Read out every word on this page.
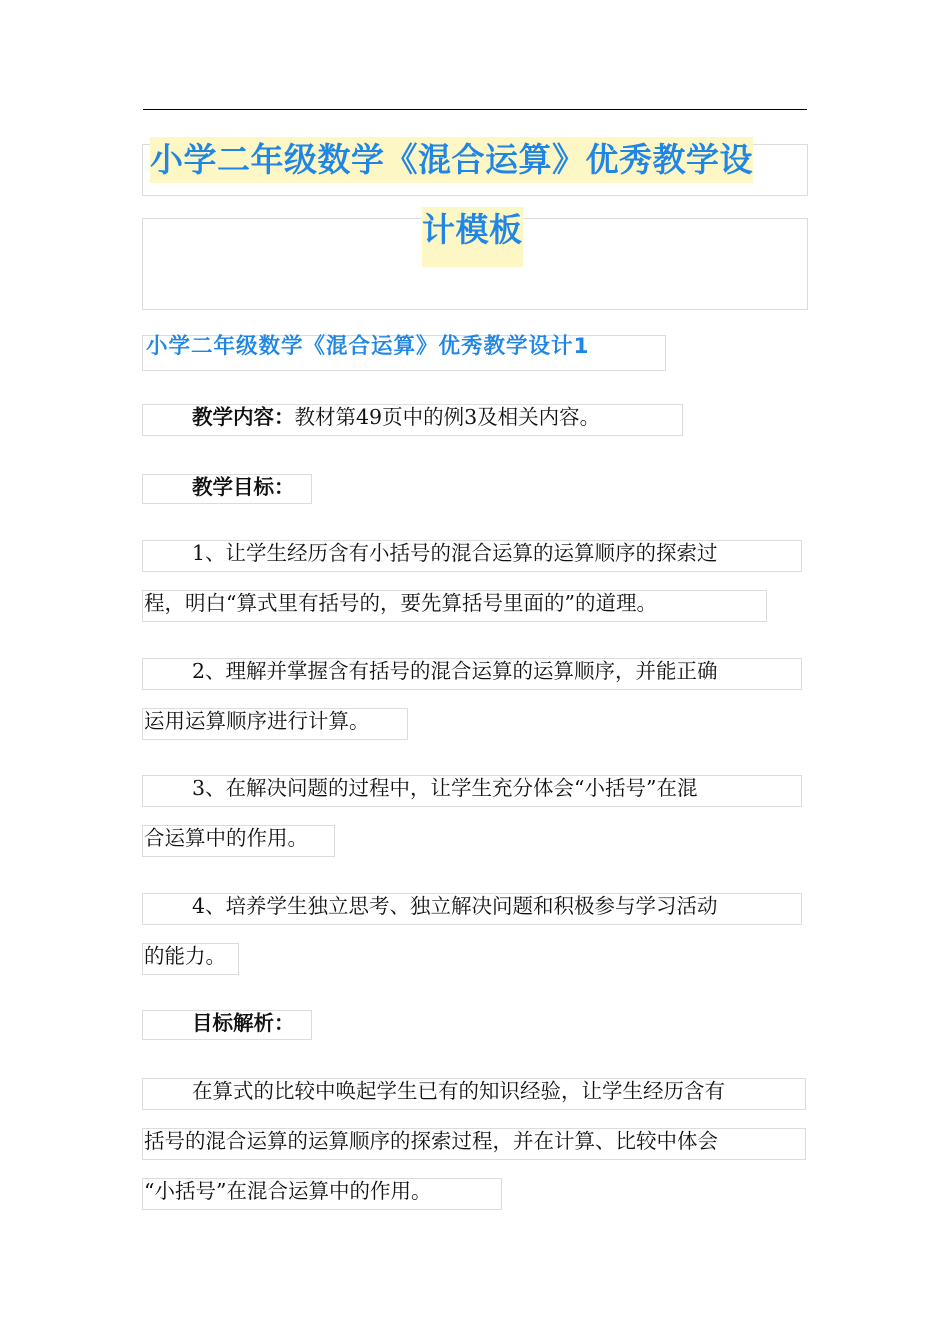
小学二年级数学《混合运算》优秀教学设
计模板
小学二年级数学《混合运算》优秀教学设计1
教学内容：教材第49页中的例3及相关内容。
教学目标：
1、让学生经历含有小括号的混合运算的运算顺序的探索过
程，明白“算式里有括号的，要先算括号里面的”的道理。
2、理解并掌握含有括号的混合运算的运算顺序，并能正确
运用运算顺序进行计算。
3、在解决问题的过程中，让学生充分体会“小括号”在混
合运算中的作用。
4、培养学生独立思考、独立解决问题和积极参与学习活动
的能力。
目标解析：
在算式的比较中唤起学生已有的知识经验，让学生经历含有
括号的混合运算的运算顺序的探索过程，并在计算、比较中体会
“小括号”在混合运算中的作用。
